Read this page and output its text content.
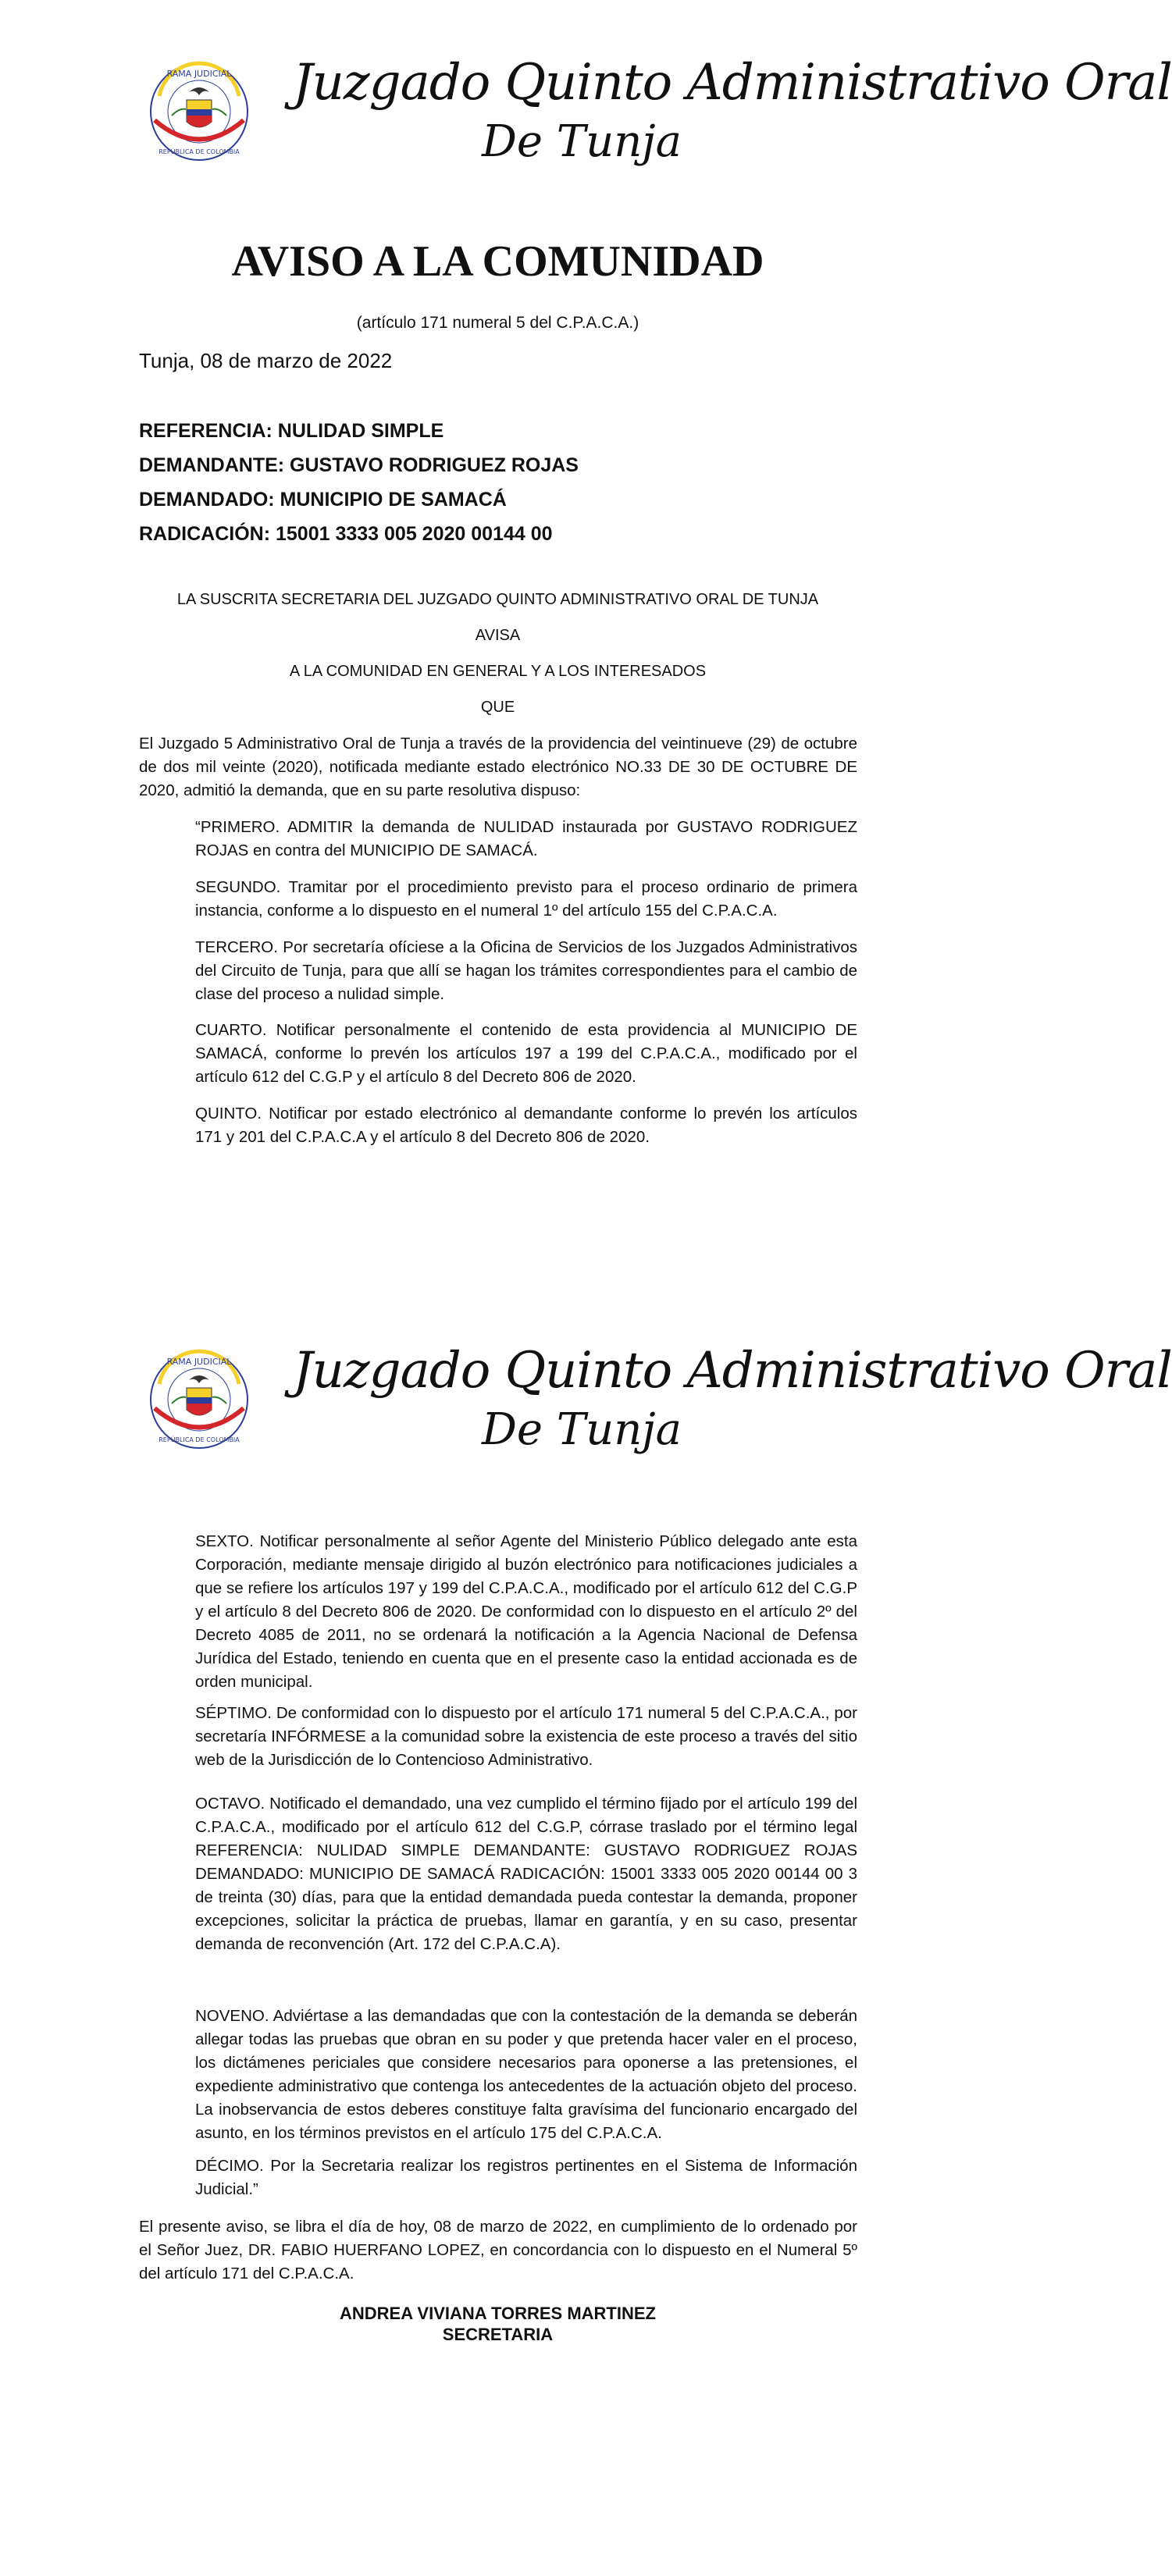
RAMA JUDICIAL
REPÚBLICA DE COLOMBIA
Juzgado Quinto Administrativo Oral
De Tunja
AVISO A LA COMUNIDAD
(artículo 171 numeral 5 del C.P.A.C.A.)
Tunja, 08 de marzo de 2022
REFERENCIA: NULIDAD SIMPLE
DEMANDANTE: GUSTAVO RODRIGUEZ ROJAS
DEMANDADO: MUNICIPIO DE SAMACÁ
RADICACIÓN: 15001 3333 005 2020 00144 00
LA SUSCRITA SECRETARIA DEL JUZGADO QUINTO ADMINISTRATIVO ORAL DE TUNJA
AVISA
A LA COMUNIDAD EN GENERAL Y A LOS INTERESADOS
QUE
El Juzgado 5 Administrativo Oral de Tunja a través de la providencia del veintinueve (29) de octubre de dos mil veinte (2020), notificada mediante estado electrónico NO.33 DE 30 DE OCTUBRE DE 2020, admitió la demanda, que en su parte resolutiva dispuso:
“PRIMERO. ADMITIR la demanda de NULIDAD instaurada por GUSTAVO RODRIGUEZ ROJAS en contra del MUNICIPIO DE SAMACÁ.
SEGUNDO. Tramitar por el procedimiento previsto para el proceso ordinario de primera instancia, conforme a lo dispuesto en el numeral 1º del artículo 155 del C.P.A.C.A.
TERCERO. Por secretaría ofíciese a la Oficina de Servicios de los Juzgados Administrativos del Circuito de Tunja, para que allí se hagan los trámites correspondientes para el cambio de clase del proceso a nulidad simple.
CUARTO. Notificar personalmente el contenido de esta providencia al MUNICIPIO DE SAMACÁ, conforme lo prevén los artículos 197 a 199 del C.P.A.C.A., modificado por el artículo 612 del C.G.P y el artículo 8 del Decreto 806 de 2020.
QUINTO. Notificar por estado electrónico al demandante conforme lo prevén los artículos 171 y 201 del C.P.A.C.A y el artículo 8 del Decreto 806 de 2020.
RAMA JUDICIAL
REPÚBLICA DE COLOMBIA
Juzgado Quinto Administrativo Oral
De Tunja
SEXTO. Notificar personalmente al señor Agente del Ministerio Público delegado ante esta Corporación, mediante mensaje dirigido al buzón electrónico para notificaciones judiciales a que se refiere los artículos 197 y 199 del C.P.A.C.A., modificado por el artículo 612 del C.G.P y el artículo 8 del Decreto 806 de 2020. De conformidad con lo dispuesto en el artículo 2º del Decreto 4085 de 2011, no se ordenará la notificación a la Agencia Nacional de Defensa Jurídica del Estado, teniendo en cuenta que en el presente caso la entidad accionada es de orden municipal.
SÉPTIMO. De conformidad con lo dispuesto por el artículo 171 numeral 5 del C.P.A.C.A., por secretaría INFÓRMESE a la comunidad sobre la existencia de este proceso a través del sitio web de la Jurisdicción de lo Contencioso Administrativo.
OCTAVO. Notificado el demandado, una vez cumplido el término fijado por el artículo 199 del C.P.A.C.A., modificado por el artículo 612 del C.G.P, córrase traslado por el término legal REFERENCIA: NULIDAD SIMPLE DEMANDANTE: GUSTAVO RODRIGUEZ ROJAS DEMANDADO: MUNICIPIO DE SAMACÁ RADICACIÓN: 15001 3333 005 2020 00144 00 3 de treinta (30) días, para que la entidad demandada pueda contestar la demanda, proponer excepciones, solicitar la práctica de pruebas, llamar en garantía, y en su caso, presentar demanda de reconvención (Art. 172 del C.P.A.C.A).
NOVENO. Adviértase a las demandadas que con la contestación de la demanda se deberán allegar todas las pruebas que obran en su poder y que pretenda hacer valer en el proceso, los dictámenes periciales que considere necesarios para oponerse a las pretensiones, el expediente administrativo que contenga los antecedentes de la actuación objeto del proceso. La inobservancia de estos deberes constituye falta gravísima del funcionario encargado del asunto, en los términos previstos en el artículo 175 del C.P.A.C.A.
DÉCIMO. Por la Secretaria realizar los registros pertinentes en el Sistema de Información Judicial.”
El presente aviso, se libra el día de hoy, 08 de marzo de 2022, en cumplimiento de lo ordenado por el Señor Juez, DR. FABIO HUERFANO LOPEZ, en concordancia con lo dispuesto en el Numeral 5º del artículo 171 del C.P.A.C.A.
ANDREA VIVIANA TORRES MARTINEZ
SECRETARIA
